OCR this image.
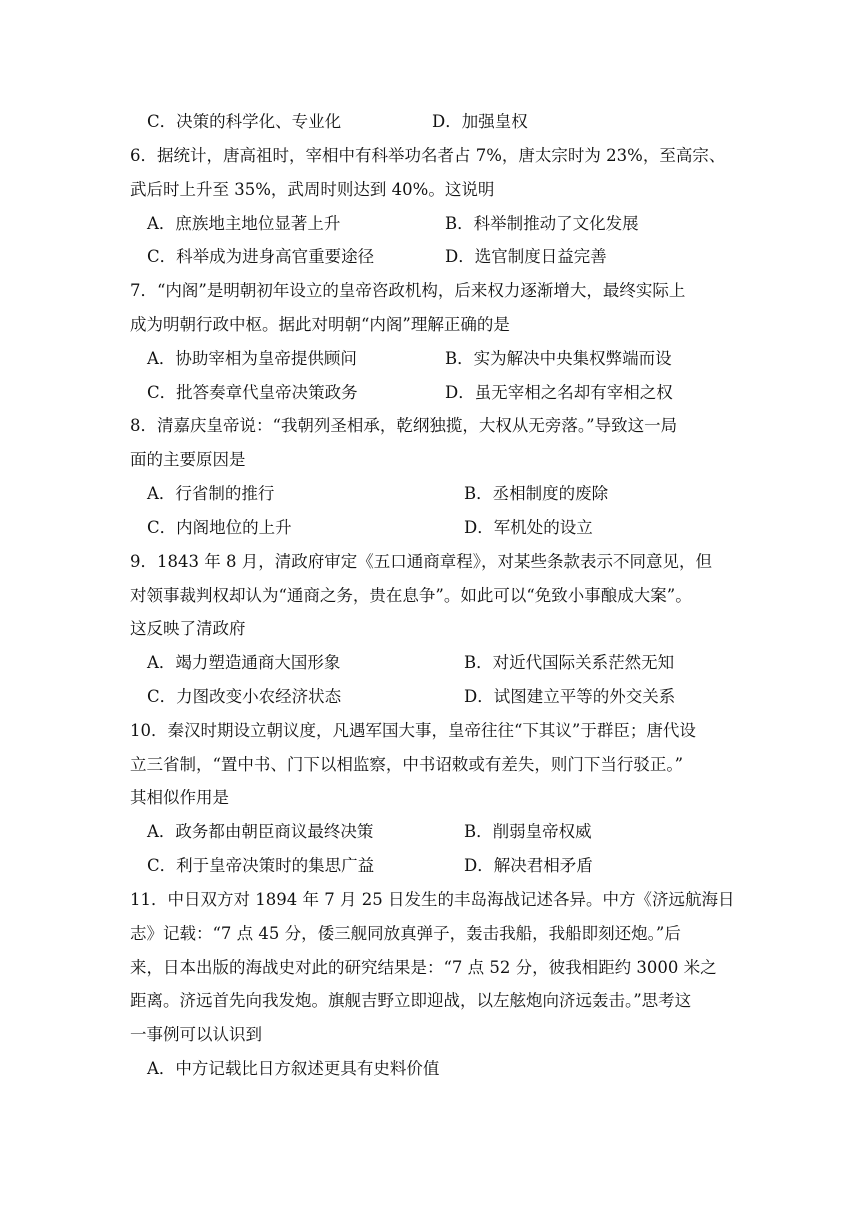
C．决策的科学化、专业化	D．加强皇权
6．据统计，唐高祖时，宰相中有科举功名者占 7%，唐太宗时为 23%，至高宗、
武后时上升至 35%，武周时则达到 40%。这说明
A．庶族地主地位显著上升	B．科举制推动了文化发展
C．科举成为进身高官重要途径	D．选官制度日益完善
7．“内阁”是明朝初年设立的皇帝咨政机构，后来权力逐渐增大，最终实际上
成为明朝行政中枢。据此对明朝“内阁”理解正确的是
A．协助宰相为皇帝提供顾问	B．实为解决中央集权弊端而设
C．批答奏章代皇帝决策政务	D．虽无宰相之名却有宰相之权
8．清嘉庆皇帝说：“我朝列圣相承，乾纲独揽，大权从无旁落。”导致这一局
面的主要原因是
A．行省制的推行	B．丞相制度的废除
C．内阁地位的上升	D．军机处的设立
9．1843 年 8 月，清政府审定《五口通商章程》，对某些条款表示不同意见，但
对领事裁判权却认为“通商之务，贵在息争”。如此可以“免致小事酿成大案”。
这反映了清政府
A．竭力塑造通商大国形象	B．对近代国际关系茫然无知
C．力图改变小农经济状态	D．试图建立平等的外交关系
10．秦汉时期设立朝议度，凡遇军国大事，皇帝往往“下其议”于群臣；唐代设
立三省制，“置中书、门下以相监察，中书诏敕或有差失，则门下当行驳正。”
其相似作用是
A．政务都由朝臣商议最终决策	B．削弱皇帝权威
C．利于皇帝决策时的集思广益	D．解决君相矛盾
11．中日双方对 1894 年 7 月 25 日发生的丰岛海战记述各异。中方《济远航海日
志》记载：“7 点 45 分，倭三舰同放真弹子，轰击我船，我船即刻还炮。”后
来，日本出版的海战史对此的研究结果是：“7 点 52 分，彼我相距约 3000 米之
距离。济远首先向我发炮。旗舰吉野立即迎战，以左舷炮向济远轰击。”思考这
一事例可以认识到
A．中方记载比日方叙述更具有史料价值
